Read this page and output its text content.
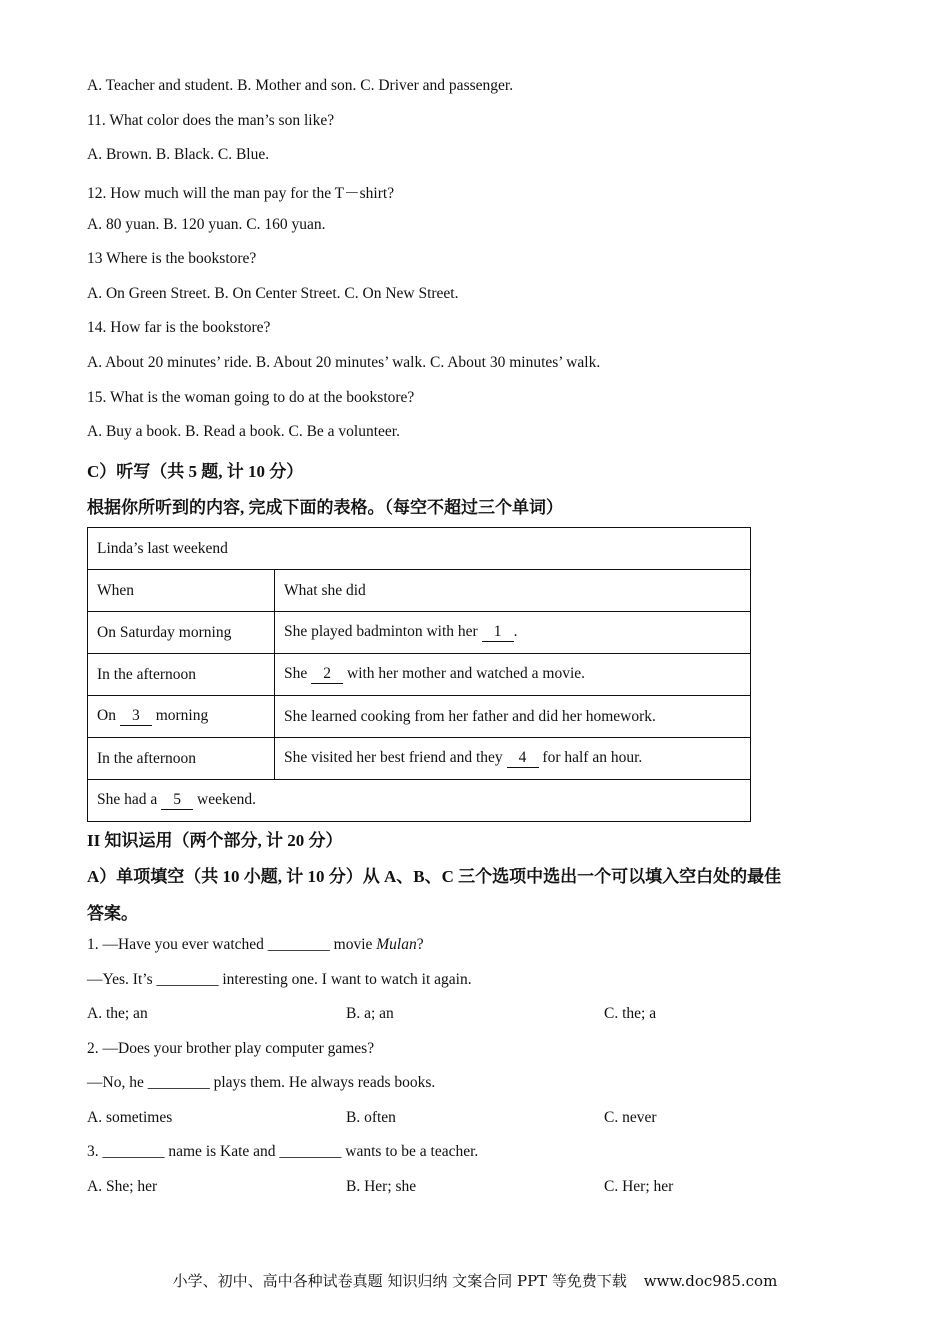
A. Teacher and student. B. Mother and son. C. Driver and passenger.
11. What color does the man’s son like?
A. Brown. B. Black. C. Blue.
12. How much will the man pay for the T－shirt?
A. 80 yuan. B. 120 yuan. C. 160 yuan.
13 Where is the bookstore?
A. On Green Street. B. On Center Street. C. On New Street.
14. How far is the bookstore?
A. About 20 minutes’ ride. B. About 20 minutes’ walk. C. About 30 minutes’ walk.
15. What is the woman going to do at the bookstore?
A. Buy a book. B. Read a book. C. Be a volunteer.
C）听写（共 5 题, 计 10 分）
根据你所听到的内容, 完成下面的表格。（每空不超过三个单词）
Linda’s last weekend	
When	What she did
On Saturday morning	She played badminton with her 1 .
In the afternoon	She 2 with her mother and watched a movie.
On 3 morning	She learned cooking from her father and did her homework.
In the afternoon	She visited her best friend and they 4 for half an hour.
She had a 5 weekend.	
II 知识运用（两个部分, 计 20 分）
A）单项填空（共 10 小题, 计 10 分）从 A、B、C 三个选项中选出一个可以填入空白处的最佳
答案。
1. —Have you ever watched ________ movie Mulan?
—Yes. It’s ________ interesting one. I want to watch it again.
A. the; an	B. a; an	C. the; a
2. —Does your brother play computer games?
—No, he ________ plays them. He always reads books.
A. sometimes	B. often	C. never
3. ________ name is Kate and ________ wants to be a teacher.
A. She; her	B. Her; she	C. Her; her
小学、初中、高中各种试卷真题 知识归纳 文案合同 PPT 等免费下载 www.doc985.com
